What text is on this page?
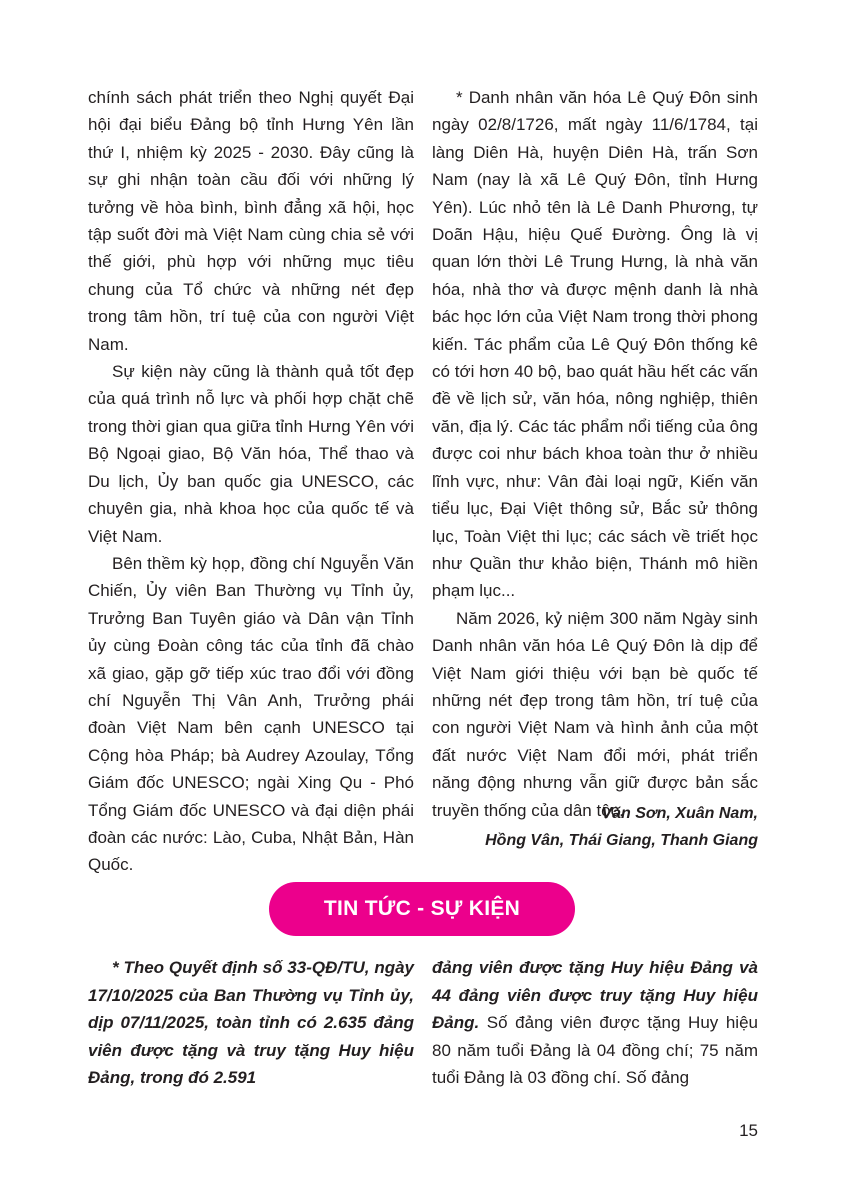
chính sách phát triển theo Nghị quyết Đại hội đại biểu Đảng bộ tỉnh Hưng Yên lần thứ I, nhiệm kỳ 2025 - 2030. Đây cũng là sự ghi nhận toàn cầu đối với những lý tưởng về hòa bình, bình đẳng xã hội, học tập suốt đời mà Việt Nam cùng chia sẻ với thế giới, phù hợp với những mục tiêu chung của Tổ chức và những nét đẹp trong tâm hồn, trí tuệ của con người Việt Nam.

Sự kiện này cũng là thành quả tốt đẹp của quá trình nỗ lực và phối hợp chặt chẽ trong thời gian qua giữa tỉnh Hưng Yên với Bộ Ngoại giao, Bộ Văn hóa, Thể thao và Du lịch, Ủy ban quốc gia UNESCO, các chuyên gia, nhà khoa học của quốc tế và Việt Nam.

Bên thềm kỳ họp, đồng chí Nguyễn Văn Chiến, Ủy viên Ban Thường vụ Tỉnh ủy, Trưởng Ban Tuyên giáo và Dân vận Tỉnh ủy cùng Đoàn công tác của tỉnh đã chào xã giao, gặp gỡ tiếp xúc trao đổi với đồng chí Nguyễn Thị Vân Anh, Trưởng phái đoàn Việt Nam bên cạnh UNESCO tại Cộng hòa Pháp; bà Audrey Azoulay, Tổng Giám đốc UNESCO; ngài Xing Qu - Phó Tổng Giám đốc UNESCO và đại diện phái đoàn các nước: Lào, Cuba, Nhật Bản, Hàn Quốc.

* Danh nhân văn hóa Lê Quý Đôn sinh ngày 02/8/1726, mất ngày 11/6/1784, tại làng Diên Hà, huyện Diên Hà, trấn Sơn Nam (nay là xã Lê Quý Đôn, tỉnh Hưng Yên). Lúc nhỏ tên là Lê Danh Phương, tự Doãn Hậu, hiệu Quế Đường. Ông là vị quan lớn thời Lê Trung Hưng, là nhà văn hóa, nhà thơ và được mệnh danh là nhà bác học lớn của Việt Nam trong thời phong kiến. Tác phẩm của Lê Quý Đôn thống kê có tới hơn 40 bộ, bao quát hầu hết các vấn đề về lịch sử, văn hóa, nông nghiệp, thiên văn, địa lý. Các tác phẩm nổi tiếng của ông được coi như bách khoa toàn thư ở nhiều lĩnh vực, như: Vân đài loại ngữ, Kiến văn tiểu lục, Đại Việt thông sử, Bắc sử thông lục, Toàn Việt thi lục; các sách về triết học như Quần thư khảo biện, Thánh mô hiền phạm lục...

Năm 2026, kỷ niệm 300 năm Ngày sinh Danh nhân văn hóa Lê Quý Đôn là dịp để Việt Nam giới thiệu với bạn bè quốc tế những nét đẹp trong tâm hồn, trí tuệ của con người Việt Nam và hình ảnh của một đất nước Việt Nam đổi mới, phát triển năng động nhưng vẫn giữ được bản sắc truyền thống của dân tộc.

Văn Sơn, Xuân Nam,
Hồng Vân, Thái Giang, Thanh Giang
TIN TỨC - SỰ KIỆN

* Theo Quyết định số 33-QĐ/TU, ngày 17/10/2025 của Ban Thường vụ Tỉnh ủy, dịp 07/11/2025, toàn tỉnh có 2.635 đảng viên được tặng và truy tặng Huy hiệu Đảng, trong đó 2.591

đảng viên được tặng Huy hiệu Đảng và 44 đảng viên được truy tặng Huy hiệu Đảng. Số đảng viên được tặng Huy hiệu 80 năm tuổi Đảng là 04 đồng chí; 75 năm tuổi Đảng là 03 đồng chí. Số đảng

15
